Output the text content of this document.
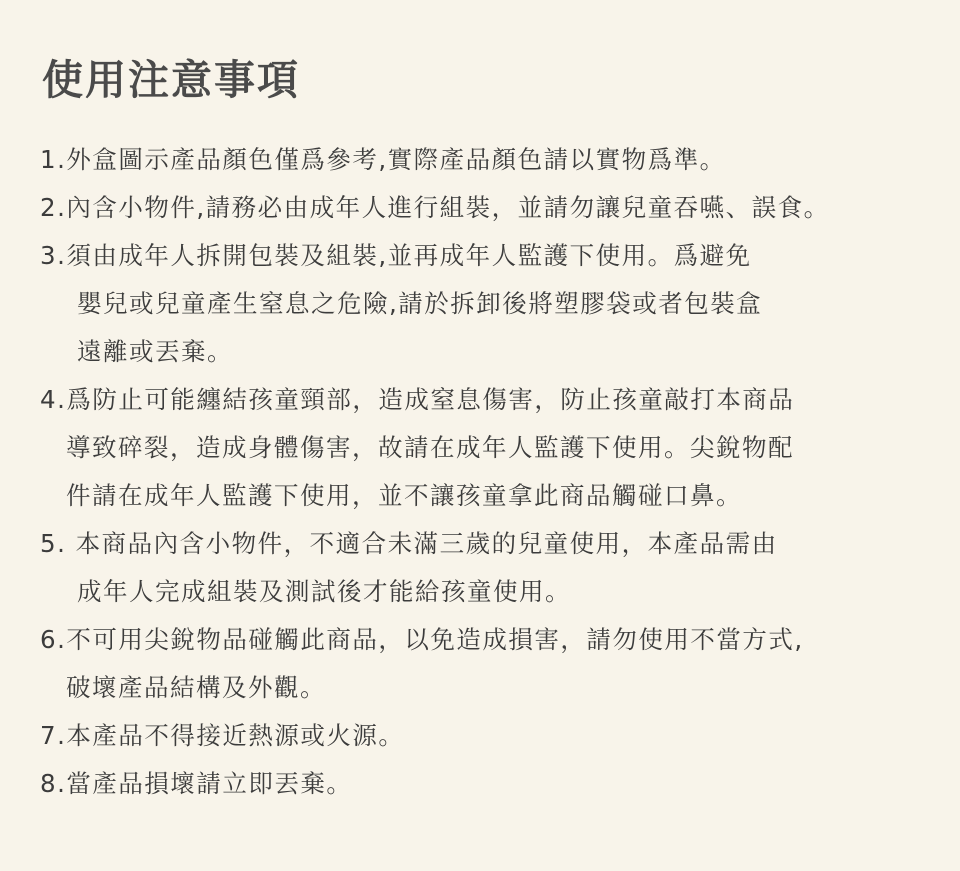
使用注意事項
1.外盒圖示產品顏色僅爲參考,實際產品顏色請以實物爲準。
2.內含小物件,請務必由成年人進行組裝，並請勿讓兒童吞嚥、誤食。
3.須由成年人拆開包裝及組裝,並再成年人監護下使用。爲避免
嬰兒或兒童產生窒息之危險,請於拆卸後將塑膠袋或者包裝盒
遠離或丟棄。
4.爲防止可能纏結孩童頸部，造成窒息傷害，防止孩童敲打本商品
導致碎裂，造成身體傷害，故請在成年人監護下使用。尖銳物配
件請在成年人監護下使用，並不讓孩童拿此商品觸碰口鼻。
5. 本商品內含小物件，不適合未滿三歲的兒童使用，本產品需由
成年人完成組裝及測試後才能給孩童使用。
6.不可用尖銳物品碰觸此商品，以免造成損害，請勿使用不當方式,
破壞產品結構及外觀。
7.本產品不得接近熱源或火源。
8.當產品損壞請立即丟棄。
